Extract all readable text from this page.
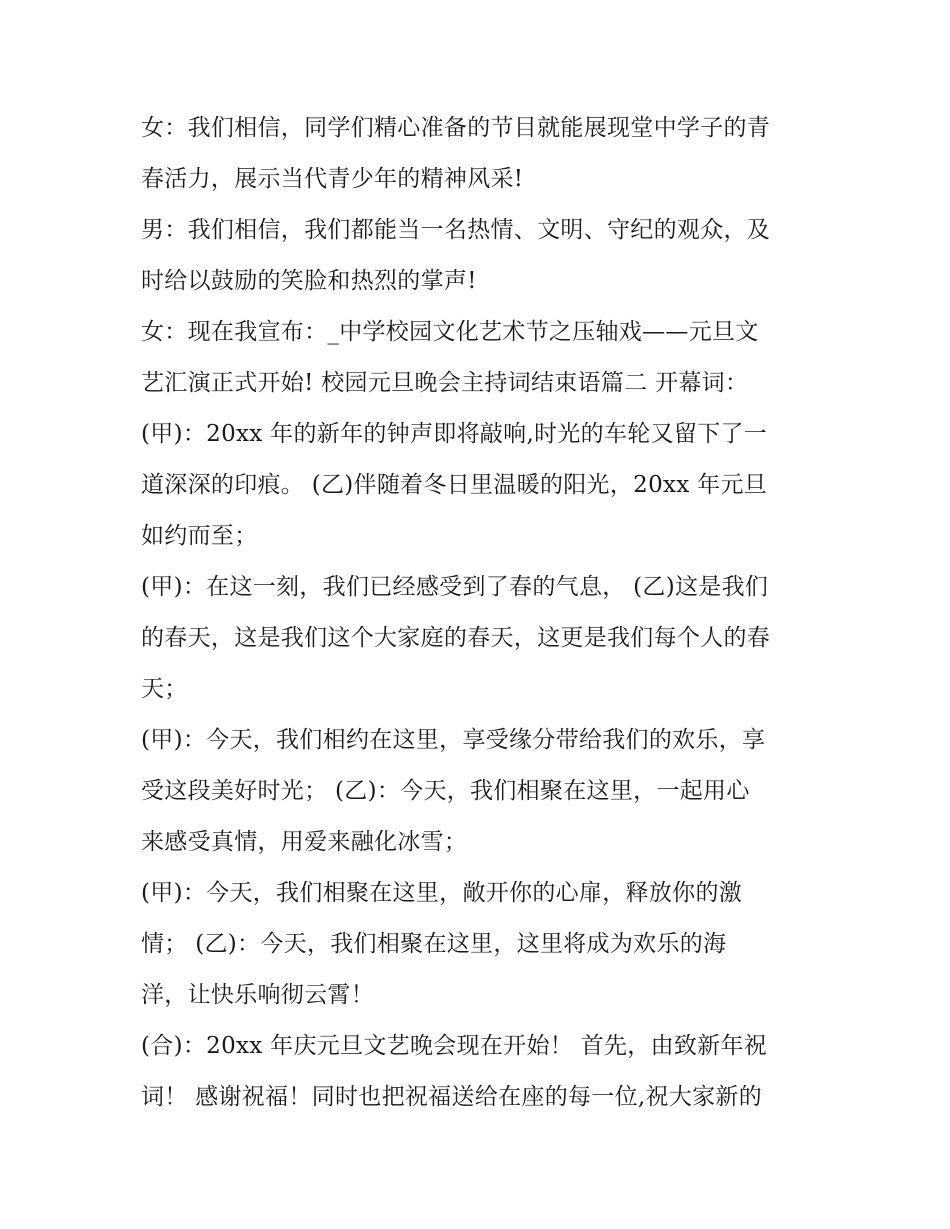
女：我们相信，同学们精心准备的节目就能展现堂中学子的青
春活力，展示当代青少年的精神风采!
男：我们相信，我们都能当一名热情、文明、守纪的观众，及
时给以鼓励的笑脸和热烈的掌声!
女：现在我宣布：_中学校园文化艺术节之压轴戏——元旦文
艺汇演正式开始! 校园元旦晚会主持词结束语篇二 开幕词：
(甲)：20xx 年的新年的钟声即将敲响,时光的车轮又留下了一
道深深的印痕。 (乙)伴随着冬日里温暖的阳光，20xx 年元旦
如约而至；
(甲)：在这一刻，我们已经感受到了春的气息， (乙)这是我们
的春天，这是我们这个大家庭的春天，这更是我们每个人的春
天；
(甲)：今天，我们相约在这里，享受缘分带给我们的欢乐，享
受这段美好时光； (乙)：今天，我们相聚在这里，一起用心
来感受真情，用爱来融化冰雪；
(甲)：今天，我们相聚在这里，敞开你的心扉，释放你的激
情； (乙)：今天，我们相聚在这里，这里将成为欢乐的海
洋，让快乐响彻云霄！
(合)：20xx 年庆元旦文艺晚会现在开始！ 首先，由致新年祝
词！ 感谢祝福！同时也把祝福送给在座的每一位,祝大家新的
